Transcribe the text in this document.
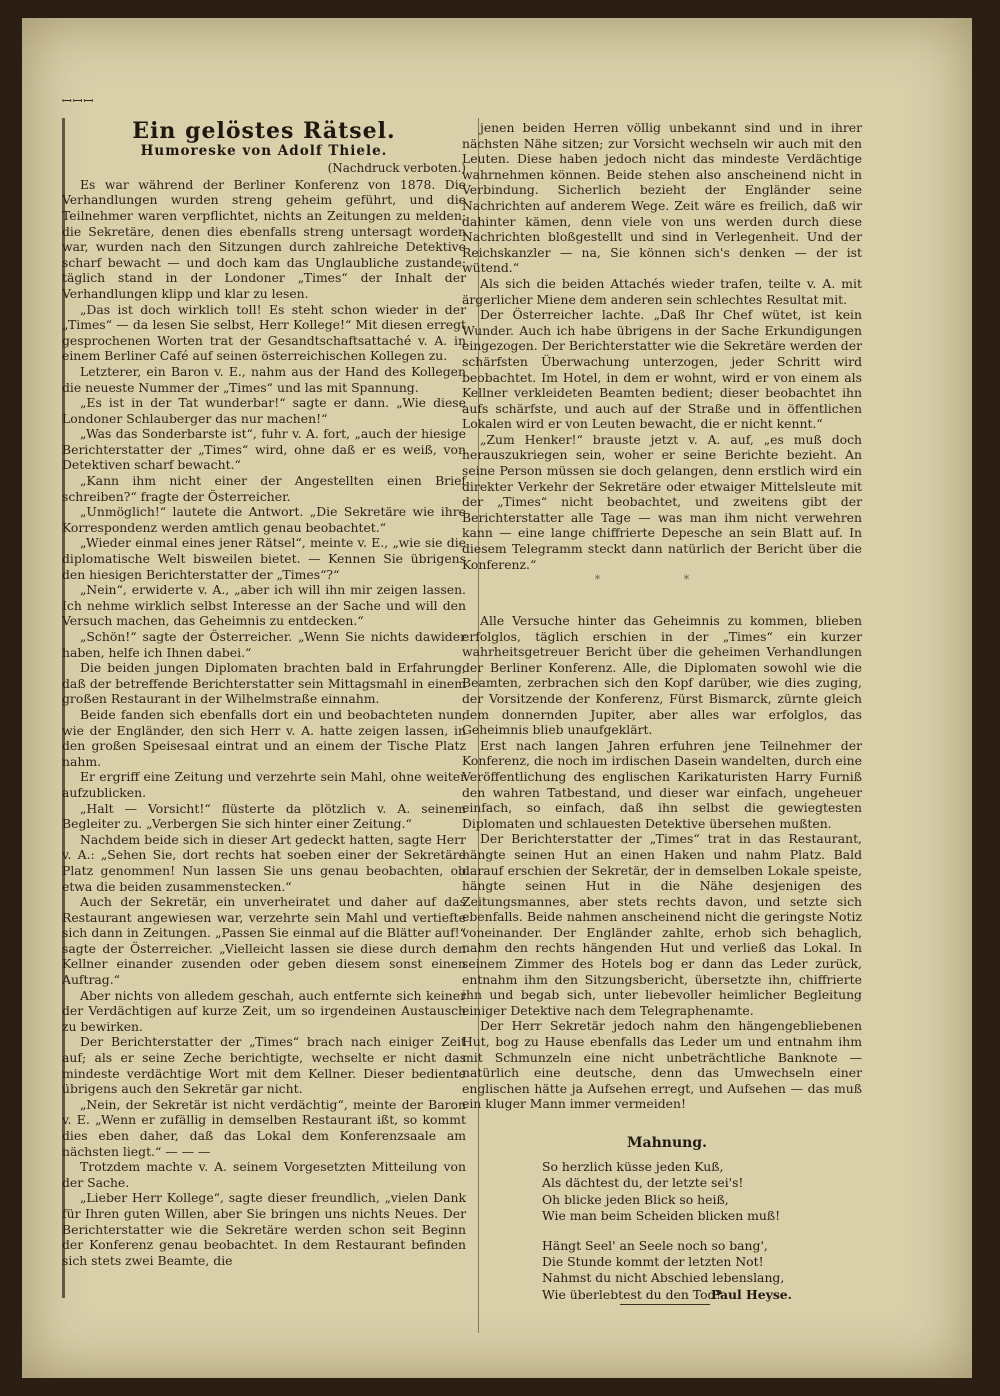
ꟷꟷꟷ
Ein gelöstes Rätsel.
Humoreske von Adolf Thiele.

(Nachdruck verboten.)

Es war während der Berliner Konferenz von 1878. Die Verhandlungen wurden streng geheim geführt, und die Teilnehmer waren verpflichtet, nichts an Zeitungen zu melden; die Sekretäre, denen dies ebenfalls streng untersagt worden war, wurden nach den Sitzungen durch zahlreiche Detektive scharf bewacht — und doch kam das Unglaubliche zustande: täglich stand in der Londoner „Times“ der Inhalt der Verhandlungen klipp und klar zu lesen.

„Das ist doch wirklich toll! Es steht schon wieder in der „Times“ — da lesen Sie selbst, Herr Kollege!“ Mit diesen erregt gesprochenen Worten trat der Gesandtschaftsattaché v. A. in einem Berliner Café auf seinen österreichischen Kollegen zu.

Letzterer, ein Baron v. E., nahm aus der Hand des Kollegen die neueste Nummer der „Times“ und las mit Spannung.

„Es ist in der Tat wunderbar!“ sagte er dann. „Wie diese Londoner Schlauberger das nur machen!“

„Was das Sonderbarste ist“, fuhr v. A. fort, „auch der hiesige Berichterstatter der „Times“ wird, ohne daß er es weiß, von Detektiven scharf bewacht.“

„Kann ihm nicht einer der Angestellten einen Brief schreiben?“ fragte der Österreicher.

„Unmöglich!“ lautete die Antwort. „Die Sekretäre wie ihre Korrespondenz werden amtlich genau beobachtet.“

„Wieder einmal eines jener Rätsel“, meinte v. E., „wie sie die diplomatische Welt bisweilen bietet. — Kennen Sie übrigens den hiesigen Berichterstatter der „Times“?“

„Nein“, erwiderte v. A., „aber ich will ihn mir zeigen lassen. Ich nehme wirklich selbst Interesse an der Sache und will den Versuch machen, das Geheimnis zu entdecken.“

„Schön!“ sagte der Österreicher. „Wenn Sie nichts dawider haben, helfe ich Ihnen dabei.“

Die beiden jungen Diplomaten brachten bald in Erfahrung, daß der betreffende Berichterstatter sein Mittagsmahl in einem großen Restaurant in der Wilhelmstraße einnahm.

Beide fanden sich ebenfalls dort ein und beobachteten nun, wie der Engländer, den sich Herr v. A. hatte zeigen lassen, in den großen Speisesaal eintrat und an einem der Tische Platz nahm.

Er ergriff eine Zeitung und verzehrte sein Mahl, ohne weiter aufzublicken.

„Halt — Vorsicht!“ flüsterte da plötzlich v. A. seinem Begleiter zu. „Verbergen Sie sich hinter einer Zeitung.“

Nachdem beide sich in dieser Art gedeckt hatten, sagte Herr v. A.: „Sehen Sie, dort rechts hat soeben einer der Sekretäre Platz genommen! Nun lassen Sie uns genau beobachten, ob etwa die beiden zusammenstecken.“

Auch der Sekretär, ein unverheiratet und daher auf das Restaurant angewiesen war, verzehrte sein Mahl und vertiefte sich dann in Zeitungen. „Passen Sie einmal auf die Blätter auf!“ sagte der Österreicher. „Vielleicht lassen sie diese durch den Kellner einander zusenden oder geben diesem sonst einen Auftrag.“

Aber nichts von alledem geschah, auch entfernte sich keiner der Verdächtigen auf kurze Zeit, um so irgendeinen Austausch zu bewirken.

Der Berichterstatter der „Times“ brach nach einiger Zeit auf; als er seine Zeche berichtigte, wechselte er nicht das mindeste verdächtige Wort mit dem Kellner. Dieser bediente übrigens auch den Sekretär gar nicht.

„Nein, der Sekretär ist nicht verdächtig“, meinte der Baron v. E. „Wenn er zufällig in demselben Restaurant ißt, so kommt dies eben daher, daß das Lokal dem Konferenzsaale am nächsten liegt.“ — — —

Trotzdem machte v. A. seinem Vorgesetzten Mitteilung von der Sache.

„Lieber Herr Kollege“, sagte dieser freundlich, „vielen Dank für Ihren guten Willen, aber Sie bringen uns nichts Neues. Der Berichterstatter wie die Sekretäre werden schon seit Beginn der Konferenz genau beobachtet. In dem Restaurant befinden sich stets zwei Beamte, die

jenen beiden Herren völlig unbekannt sind und in ihrer nächsten Nähe sitzen; zur Vorsicht wechseln wir auch mit den Leuten. Diese haben jedoch nicht das mindeste Verdächtige wahrnehmen können. Beide stehen also anscheinend nicht in Verbindung. Sicherlich bezieht der Engländer seine Nachrichten auf anderem Wege. Zeit wäre es freilich, daß wir dahinter kämen, denn viele von uns werden durch diese Nachrichten bloßgestellt und sind in Verlegenheit. Und der Reichskanzler — na, Sie können sich's denken — der ist wütend.“

Als sich die beiden Attachés wieder trafen, teilte v. A. mit ärgerlicher Miene dem anderen sein schlechtes Resultat mit.

Der Österreicher lachte. „Daß Ihr Chef wütet, ist kein Wunder. Auch ich habe übrigens in der Sache Erkundigungen eingezogen. Der Berichterstatter wie die Sekretäre werden der schärfsten Überwachung unterzogen, jeder Schritt wird beobachtet. Im Hotel, in dem er wohnt, wird er von einem als Kellner verkleideten Beamten bedient; dieser beobachtet ihn aufs schärfste, und auch auf der Straße und in öffentlichen Lokalen wird er von Leuten bewacht, die er nicht kennt.“

„Zum Henker!“ brauste jetzt v. A. auf, „es muß doch herauszukriegen sein, woher er seine Berichte bezieht. An seine Person müssen sie doch gelangen, denn erstlich wird ein direkter Verkehr der Sekretäre oder etwaiger Mittelsleute mit der „Times“ nicht beobachtet, und zweitens gibt der Berichterstatter alle Tage — was man ihm nicht verwehren kann — eine lange chiffrierte Depesche an sein Blatt auf. In diesem Telegramm steckt dann natürlich der Bericht über die Konferenz.“

* *

Alle Versuche hinter das Geheimnis zu kommen, blieben erfolglos, täglich erschien in der „Times“ ein kurzer wahrheitsgetreuer Bericht über die geheimen Verhandlungen der Berliner Konferenz. Alle, die Diplomaten sowohl wie die Beamten, zerbrachen sich den Kopf darüber, wie dies zuging, der Vorsitzende der Konferenz, Fürst Bismarck, zürnte gleich dem donnernden Jupiter, aber alles war erfolglos, das Geheimnis blieb unaufgeklärt.

Erst nach langen Jahren erfuhren jene Teilnehmer der Konferenz, die noch im irdischen Dasein wandelten, durch eine Veröffentlichung des englischen Karikaturisten Harry Furniß den wahren Tatbestand, und dieser war einfach, ungeheuer einfach, so einfach, daß ihn selbst die gewiegtesten Diplomaten und schlauesten Detektive übersehen mußten.

Der Berichterstatter der „Times“ trat in das Restaurant, hängte seinen Hut an einen Haken und nahm Platz. Bald darauf erschien der Sekretär, der in demselben Lokale speiste, hängte seinen Hut in die Nähe desjenigen des Zeitungsmannes, aber stets rechts davon, und setzte sich ebenfalls. Beide nahmen anscheinend nicht die geringste Notiz voneinander. Der Engländer zahlte, erhob sich behaglich, nahm den rechts hängenden Hut und verließ das Lokal. In seinem Zimmer des Hotels bog er dann das Leder zurück, entnahm ihm den Sitzungsbericht, übersetzte ihn, chiffrierte ihn und begab sich, unter liebevoller heimlicher Begleitung einiger Detektive nach dem Telegraphenamte.

Der Herr Sekretär jedoch nahm den hängengebliebenen Hut, bog zu Hause ebenfalls das Leder um und entnahm ihm mit Schmunzeln eine nicht unbeträchtliche Banknote — natürlich eine deutsche, denn das Umwechseln einer englischen hätte ja Aufsehen erregt, und Aufsehen — das muß ein kluger Mann immer vermeiden!

Mahnung.
So herzlich küsse jeden Kuß,
Als dächtest du, der letzte sei's!
Oh blicke jeden Blick so heiß,
Wie man beim Scheiden blicken muß!
Hängt Seel' an Seele noch so bang',
Die Stunde kommt der letzten Not!
Nahmst du nicht Abschied lebenslang,
Wie überlebtest du den Tod?
Paul Heyse.
